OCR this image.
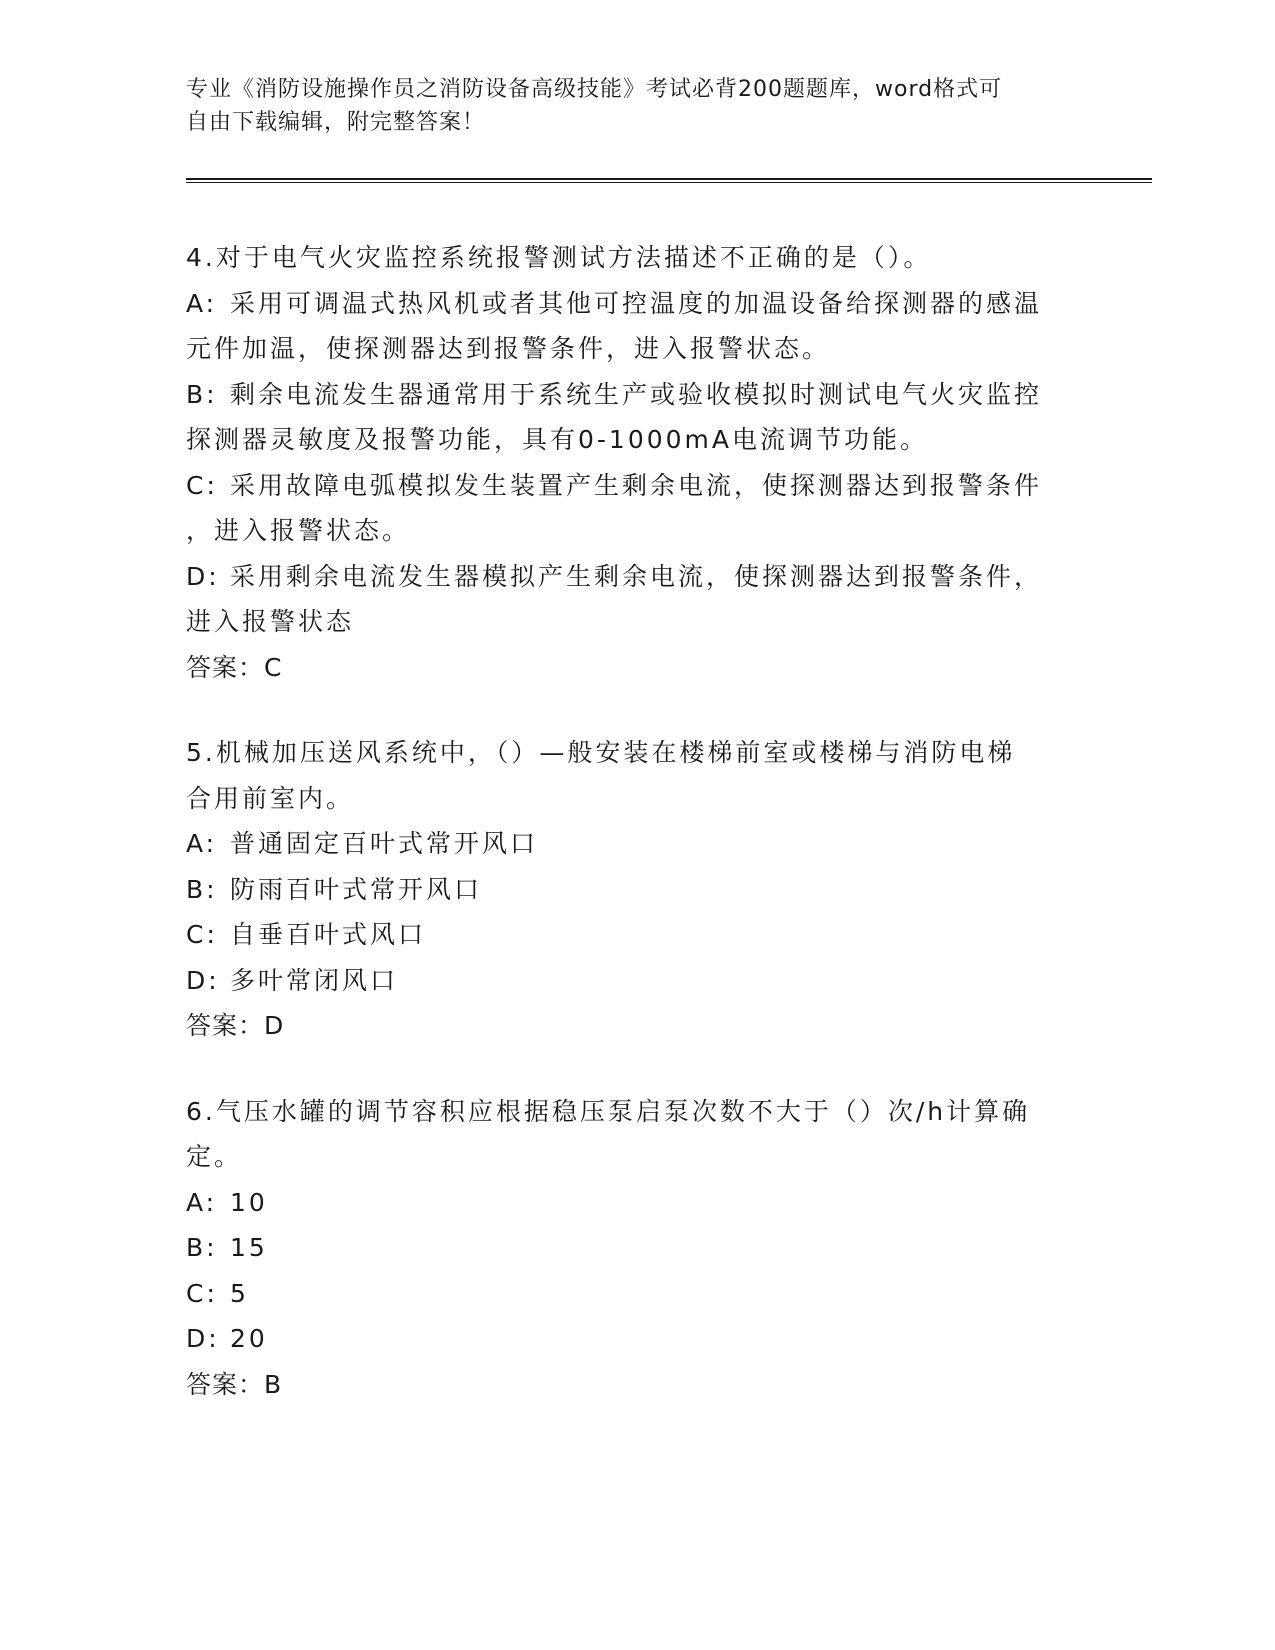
专业《消防设施操作员之消防设备高级技能》考试必背200题题库，word格式可
自由下载编辑，附完整答案！
4.对于电气火灾监控系统报警测试方法描述不正确的是（）。
A: 采用可调温式热风机或者其他可控温度的加温设备给探测器的感温
元件加温，使探测器达到报警条件，进入报警状态。
B: 剩余电流发生器通常用于系统生产或验收模拟时测试电气火灾监控
探测器灵敏度及报警功能，具有0-1000mA电流调节功能。
C: 采用故障电弧模拟发生装置产生剩余电流，使探测器达到报警条件
，进入报警状态。
D: 采用剩余电流发生器模拟产生剩余电流，使探测器达到报警条件，
进入报警状态
答案：C
5.机械加压送风系统中，（）—般安装在楼梯前室或楼梯与消防电梯
合用前室内。
A: 普通固定百叶式常开风口
B: 防雨百叶式常开风口
C: 自垂百叶式风口
D: 多叶常闭风口
答案：D
6.气压水罐的调节容积应根据稳压泵启泵次数不大于（）次/h计算确
定。
A: 10
B: 15
C: 5
D: 20
答案：B
